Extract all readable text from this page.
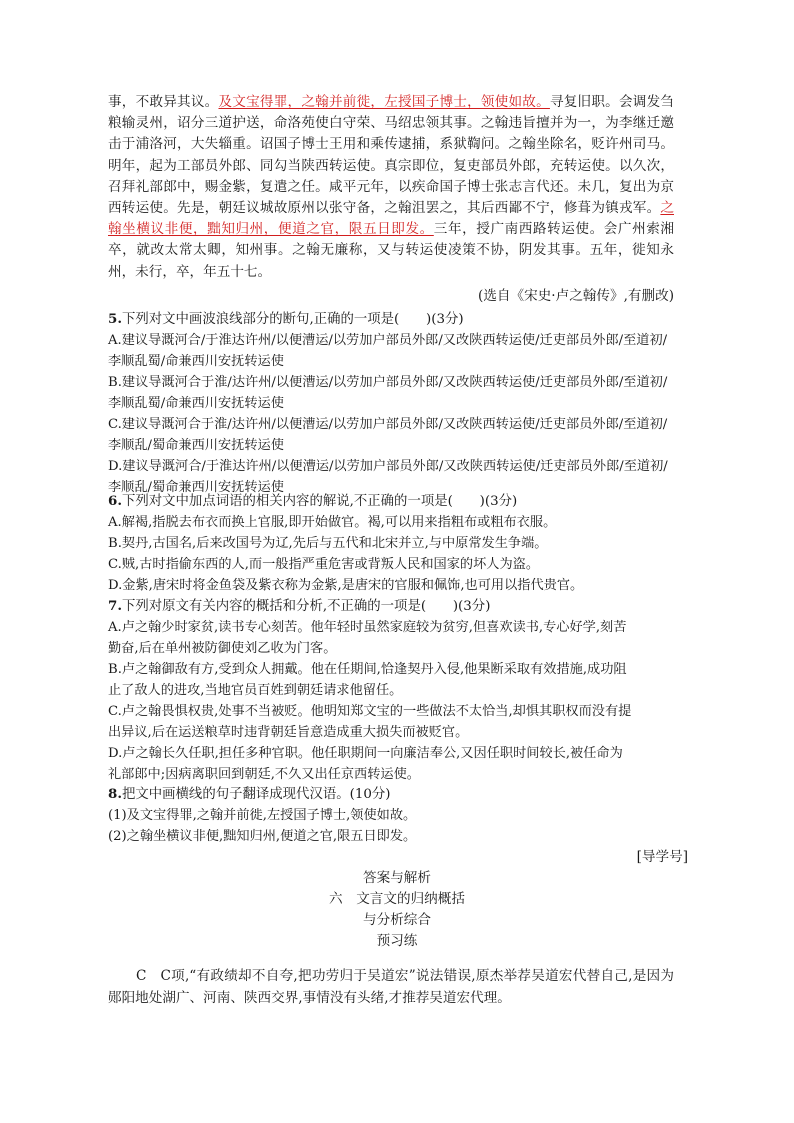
事，不敢异其议。及文宝得罪，之翰并前徙，左授国子博士，领使如故。寻复旧职。会调发刍粮输灵州，诏分三道护送，命洛苑使白守荣、马绍忠领其事。之翰违旨擅并为一，为李继迁邀击于浦洛河，大失辎重。诏国子博士王用和乘传逮捕，系狱鞫问。之翰坐除名，贬许州司马。明年，起为工部员外郎、同勾当陕西转运使。真宗即位，复吏部员外郎，充转运使。以久次，召拜礼部郎中，赐金紫，复遣之任。咸平元年，以疾命国子博士张志言代还。未几，复出为京西转运使。先是，朝廷议城故原州以张守备，之翰沮罢之，其后西鄙不宁，修葺为镇戎军。之翰坐横议非便，黜知归州，便道之官，限五日即发。三年，授广南西路转运使。会广州索湘卒，就改太常太卿，知州事。之翰无廉称，又与转运使凌策不协，阴发其事。五年，徙知永州，未行，卒，年五十七。

(选自《宋史·卢之翰传》,有删改)

5.下列对文中画波浪线部分的断句,正确的一项是(　　)(3分)

A.建议导溉河合/于淮达许州/以便漕运/以劳加户部员外郎/又改陕西转运使/迁吏部员外郎/至道初/李顺乱蜀/命兼西川安抚转运使

B.建议导溉河合于淮/达许州/以便漕运/以劳加户部员外郎/又改陕西转运使/迁吏部员外郎/至道初/李顺乱蜀/命兼西川安抚转运使

C.建议导溉河合于淮/达许州/以便漕运/以劳加户部员外郎/又改陕西转运使/迁吏部员外郎/至道初/李顺乱/蜀命兼西川安抚转运使

D.建议导溉河合/于淮达许州/以便漕运/以劳加户部员外郎/又改陕西转运使/迁吏部员外郎/至道初/李顺乱/蜀命兼西川安抚转运使

6.下列对文中加点词语的相关内容的解说,不正确的一项是(　　)(3分)

A.解褐,指脱去布衣而换上官服,即开始做官。褐,可以用来指粗布或粗布衣服。

B.契丹,古国名,后来改国号为辽,先后与五代和北宋并立,与中原常发生争端。

C.贼,古时指偷东西的人,而一般指严重危害或背叛人民和国家的坏人为盗。

D.金紫,唐宋时将金鱼袋及紫衣称为金紫,是唐宋的官服和佩饰,也可用以指代贵官。

7.下列对原文有关内容的概括和分析,不正确的一项是(　　)(3分)

A.卢之翰少时家贫,读书专心刻苦。他年轻时虽然家庭较为贫穷,但喜欢读书,专心好学,刻苦

勤奋,后在单州被防御使刘乙收为门客。

B.卢之翰御敌有方,受到众人拥戴。他在任期间,恰逢契丹入侵,他果断采取有效措施,成功阻

止了敌人的进攻,当地官员百姓到朝廷请求他留任。

C.卢之翰畏惧权贵,处事不当被贬。他明知郑文宝的一些做法不太恰当,却惧其职权而没有提

出异议,后在运送粮草时违背朝廷旨意造成重大损失而被贬官。

D.卢之翰长久任职,担任多种官职。他任职期间一向廉洁奉公,又因任职时间较长,被任命为

礼部郎中;因病离职回到朝廷,不久又出任京西转运使。

8.把文中画横线的句子翻译成现代汉语。(10分)

(1)及文宝得罪,之翰并前徙,左授国子博士,领使如故。

(2)之翰坐横议非便,黜知归州,便道之官,限五日即发。

[导学号]

答案与解析

六　文言文的归纳概括

与分析综合

预习练

C　C项,“有政绩却不自夸,把功劳归于吴道宏”说法错误,原杰举荐吴道宏代替自己,是因为郧阳地处湖广、河南、陕西交界,事情没有头绪,才推荐吴道宏代理。
